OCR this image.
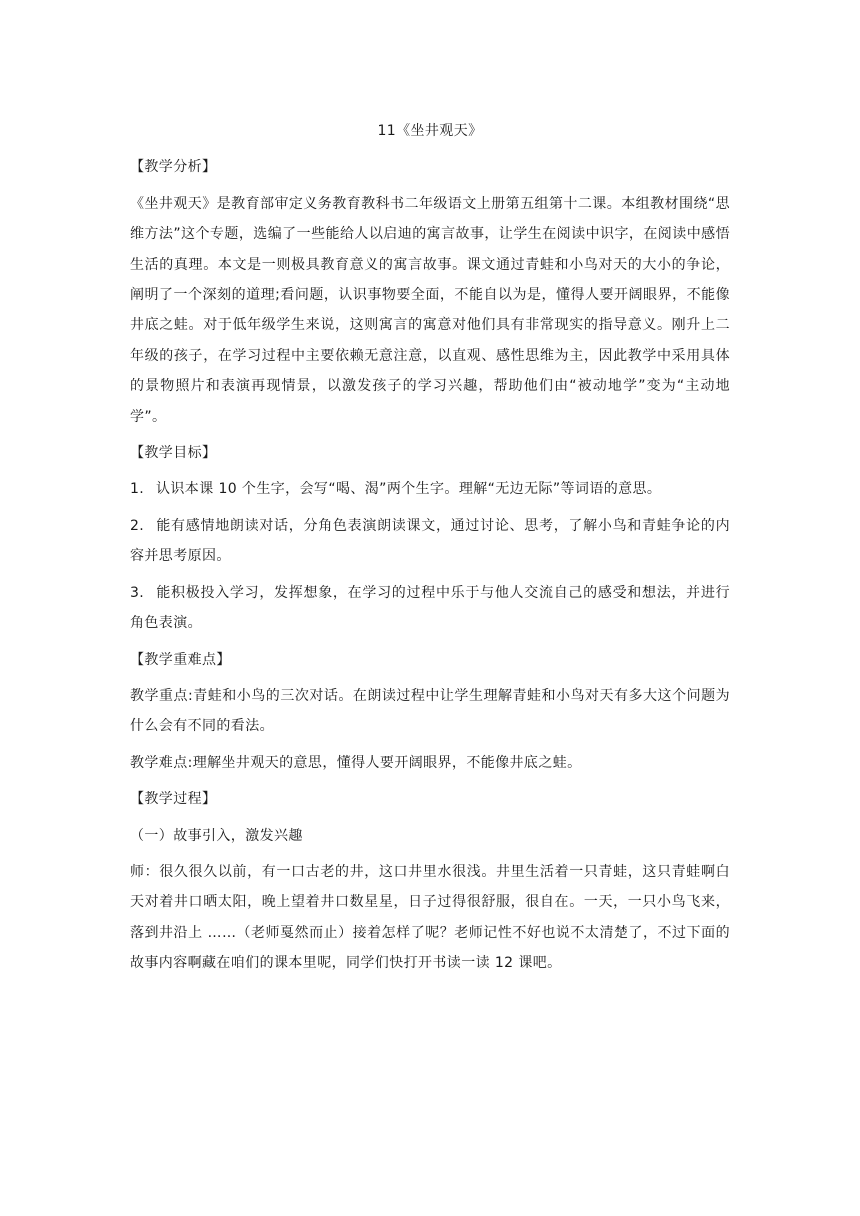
11《坐井观天》
【教学分析】

《坐井观天》是教育部审定义务教育教科书二年级语文上册第五组第十二课。本组教材围绕“思维方法”这个专题，选编了一些能给人以启迪的寓言故事，让学生在阅读中识字，在阅读中感悟生活的真理。本文是一则极具教育意义的寓言故事。课文通过青蛙和小鸟对天的大小的争论，阐明了一个深刻的道理;看问题，认识事物要全面，不能自以为是，懂得人要开阔眼界，不能像井底之蛙。对于低年级学生来说，这则寓言的寓意对他们具有非常现实的指导意义。刚升上二年级的孩子，在学习过程中主要依赖无意注意，以直观、感性思维为主，因此教学中采用具体的景物照片和表演再现情景，以激发孩子的学习兴趣，帮助他们由“被动地学”变为“主动地学”。

【教学目标】

1. 认识本课 10 个生字，会写“喝、渴”两个生字。理解“无边无际”等词语的意思。

2. 能有感情地朗读对话，分角色表演朗读课文，通过讨论、思考，了解小鸟和青蛙争论的内容并思考原因。

3. 能积极投入学习，发挥想象，在学习的过程中乐于与他人交流自己的感受和想法，并进行角色表演。

【教学重难点】

教学重点:青蛙和小鸟的三次对话。在朗读过程中让学生理解青蛙和小鸟对天有多大这个问题为什么会有不同的看法。

教学难点:理解坐井观天的意思，懂得人要开阔眼界，不能像井底之蛙。

【教学过程】

（一）故事引入，激发兴趣

师：很久很久以前，有一口古老的井，这口井里水很浅。井里生活着一只青蛙，这只青蛙啊白天对着井口晒太阳，晚上望着井口数星星，日子过得很舒服，很自在。一天，一只小鸟飞来，落到井沿上 ……（老师戛然而止）接着怎样了呢？老师记性不好也说不太清楚了，不过下面的故事内容啊藏在咱们的课本里呢，同学们快打开书读一读 12 课吧。
